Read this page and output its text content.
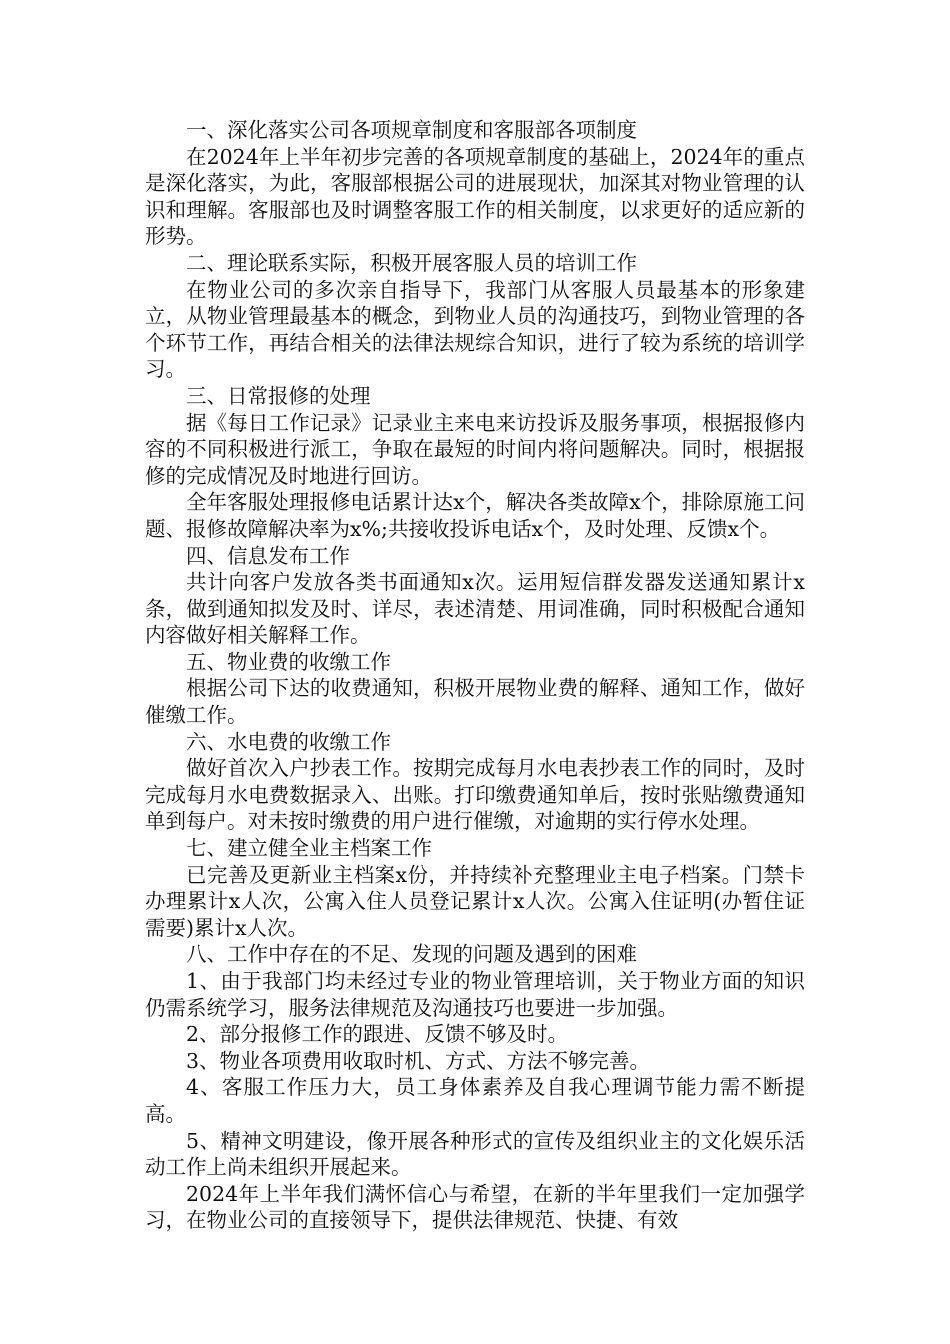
一、深化落实公司各项规章制度和客服部各项制度

在2024年上半年初步完善的各项规章制度的基础上，2024年的重点是深化落实，为此，客服部根据公司的进展现状，加深其对物业管理的认识和理解。客服部也及时调整客服工作的相关制度，以求更好的适应新的形势。

二、理论联系实际，积极开展客服人员的培训工作

在物业公司的多次亲自指导下，我部门从客服人员最基本的形象建立，从物业管理最基本的概念，到物业人员的沟通技巧，到物业管理的各个环节工作，再结合相关的法律法规综合知识，进行了较为系统的培训学习。

三、日常报修的处理

据《每日工作记录》记录业主来电来访投诉及服务事项，根据报修内容的不同积极进行派工，争取在最短的时间内将问题解决。同时，根据报修的完成情况及时地进行回访。

全年客服处理报修电话累计达x个，解决各类故障x个，排除原施工问题、报修故障解决率为x%;共接收投诉电话x个，及时处理、反馈x个。

四、信息发布工作

共计向客户发放各类书面通知x次。运用短信群发器发送通知累计x条，做到通知拟发及时、详尽，表述清楚、用词准确，同时积极配合通知内容做好相关解释工作。

五、物业费的收缴工作

根据公司下达的收费通知，积极开展物业费的解释、通知工作，做好催缴工作。

六、水电费的收缴工作

做好首次入户抄表工作。按期完成每月水电表抄表工作的同时，及时完成每月水电费数据录入、出账。打印缴费通知单后，按时张贴缴费通知单到每户。对未按时缴费的用户进行催缴，对逾期的实行停水处理。

七、建立健全业主档案工作

已完善及更新业主档案x份，并持续补充整理业主电子档案。门禁卡办理累计x人次，公寓入住人员登记累计x人次。公寓入住证明(办暂住证需要)累计x人次。

八、工作中存在的不足、发现的问题及遇到的困难

1、由于我部门均未经过专业的物业管理培训，关于物业方面的知识仍需系统学习，服务法律规范及沟通技巧也要进一步加强。

2、部分报修工作的跟进、反馈不够及时。

3、物业各项费用收取时机、方式、方法不够完善。

4、客服工作压力大，员工身体素养及自我心理调节能力需不断提高。

5、精神文明建设，像开展各种形式的宣传及组织业主的文化娱乐活动工作上尚未组织开展起来。

2024年上半年我们满怀信心与希望，在新的半年里我们一定加强学习，在物业公司的直接领导下，提供法律规范、快捷、有效
